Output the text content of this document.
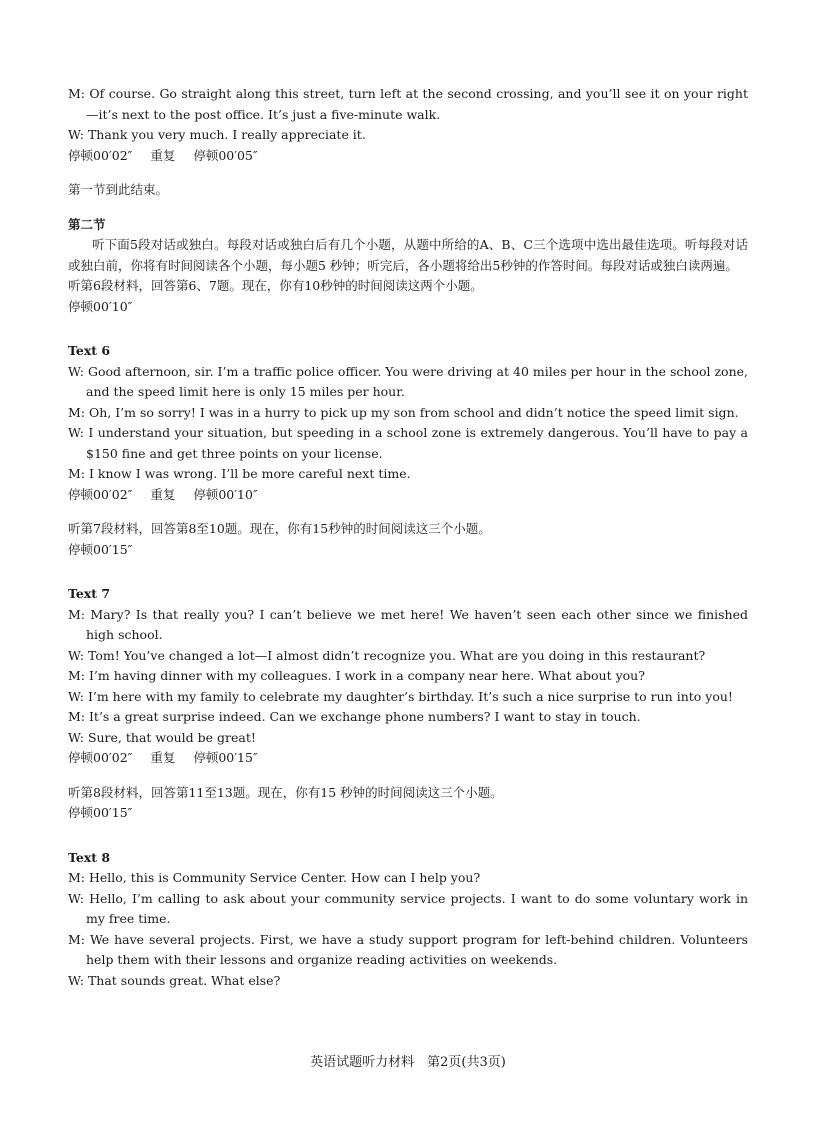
M: Of course. Go straight along this street, turn left at the second crossing, and you’ll see it on your right—it’s next to the post office. It’s just a five-minute walk.
W: Thank you very much. I really appreciate it.
停顿00′02″ 重复 停顿00′05″
第一节到此结束。
第二节
听下面5段对话或独白。每段对话或独白后有几个小题，从题中所给的A、B、C三个选项中选出最佳选项。听每段对话或独白前，你将有时间阅读各个小题，每小题5 秒钟；听完后，各小题将给出5秒钟的作答时间。每段对话或独白读两遍。
听第6段材料，回答第6、7题。现在，你有10秒钟的时间阅读这两个小题。
停顿00′10″
Text 6
W: Good afternoon, sir. I’m a traffic police officer. You were driving at 40 miles per hour in the school zone, and the speed limit here is only 15 miles per hour.
M: Oh, I’m so sorry! I was in a hurry to pick up my son from school and didn’t notice the speed limit sign.
W: I understand your situation, but speeding in a school zone is extremely dangerous. You’ll have to pay a $150 fine and get three points on your license.
M: I know I was wrong. I’ll be more careful next time.
停顿00′02″ 重复 停顿00′10″
听第7段材料，回答第8至10题。现在，你有15秒钟的时间阅读这三个小题。
停顿00′15″
Text 7
M: Mary? Is that really you? I can’t believe we met here! We haven’t seen each other since we finished high school.
W: Tom! You’ve changed a lot—I almost didn’t recognize you. What are you doing in this restaurant?
M: I’m having dinner with my colleagues. I work in a company near here. What about you?
W: I’m here with my family to celebrate my daughter’s birthday. It’s such a nice surprise to run into you!
M: It’s a great surprise indeed. Can we exchange phone numbers? I want to stay in touch.
W: Sure, that would be great!
停顿00′02″ 重复 停顿00′15″
听第8段材料，回答第11至13题。现在，你有15 秒钟的时间阅读这三个小题。
停顿00′15″
Text 8
M: Hello, this is Community Service Center. How can I help you?
W: Hello, I’m calling to ask about your community service projects. I want to do some voluntary work in my free time.
M: We have several projects. First, we have a study support program for left-behind children. Volunteers help them with their lessons and organize reading activities on weekends.
W: That sounds great. What else?
英语试题听力材料　第2页(共3页)
